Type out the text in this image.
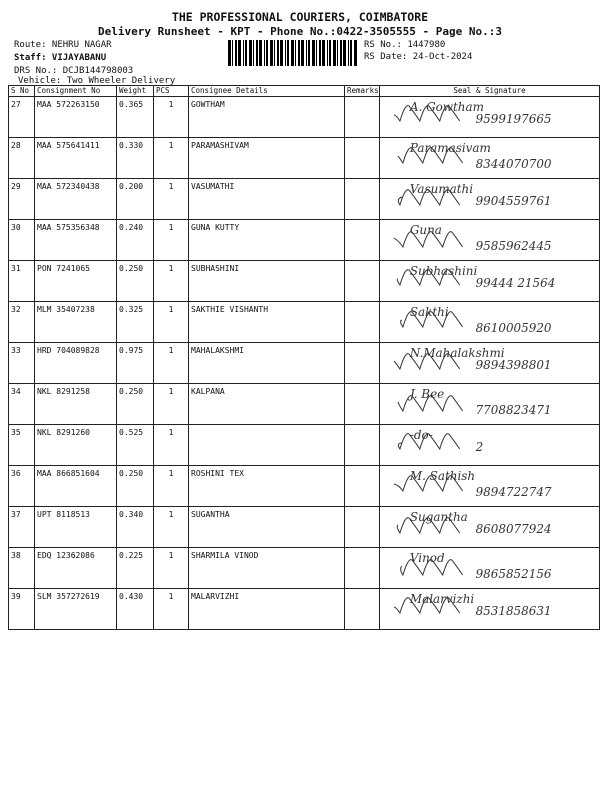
THE PROFESSIONAL COURIERS, COIMBATORE
Delivery Runsheet - KPT - Phone No.:0422-3505555 - Page No.:3
Route: NEHRU NAGAR
Staff: VIJAYABANU
DRS No.: DCJB144798003
Vehicle: Two Wheeler Delivery
RS No.: 1447980
RS Date: 24-Oct-2024
S No	Consignment No	Weight	PCS	Consignee Details	Remarks	Seal & Signature
27	MAA 572263150	0.365	1	GOWTHAM		9599197665
A. Gowtham

28	MAA 575641411	0.330	1	PARAMASHIVAM		8344070700
Paramasivam

29	MAA 572340438	0.200	1	VASUMATHI		9904559761
Vasumathi

30	MAA 575356348	0.240	1	GUNA KUTTY		9585962445
Guna

31	PON 7241065	0.250	1	SUBHASHINI		99444 21564
Subhashini

32	MLM 35407238	0.325	1	SAKTHIE VISHANTH		8610005920
Sakthi

33	HRD 704089828	0.975	1	MAHALAKSHMI		9894398801
N.Mahalakshmi

34	NKL 8291258	0.250	1	KALPANA		7708823471
J. Bee

35	NKL 8291260	0.525	1			2
-do-

36	MAA 866851604	0.250	1	ROSHINI TEX		9894722747
M. Sathish

37	UPT 8118513	0.340	1	SUGANTHA		8608077924
Sugantha

38	EDQ 12362086	0.225	1	SHARMILA VINOD		9865852156
Vinod

39	SLM 357272619	0.430	1	MALARVIZHI		8531858631
Malarvizhi
